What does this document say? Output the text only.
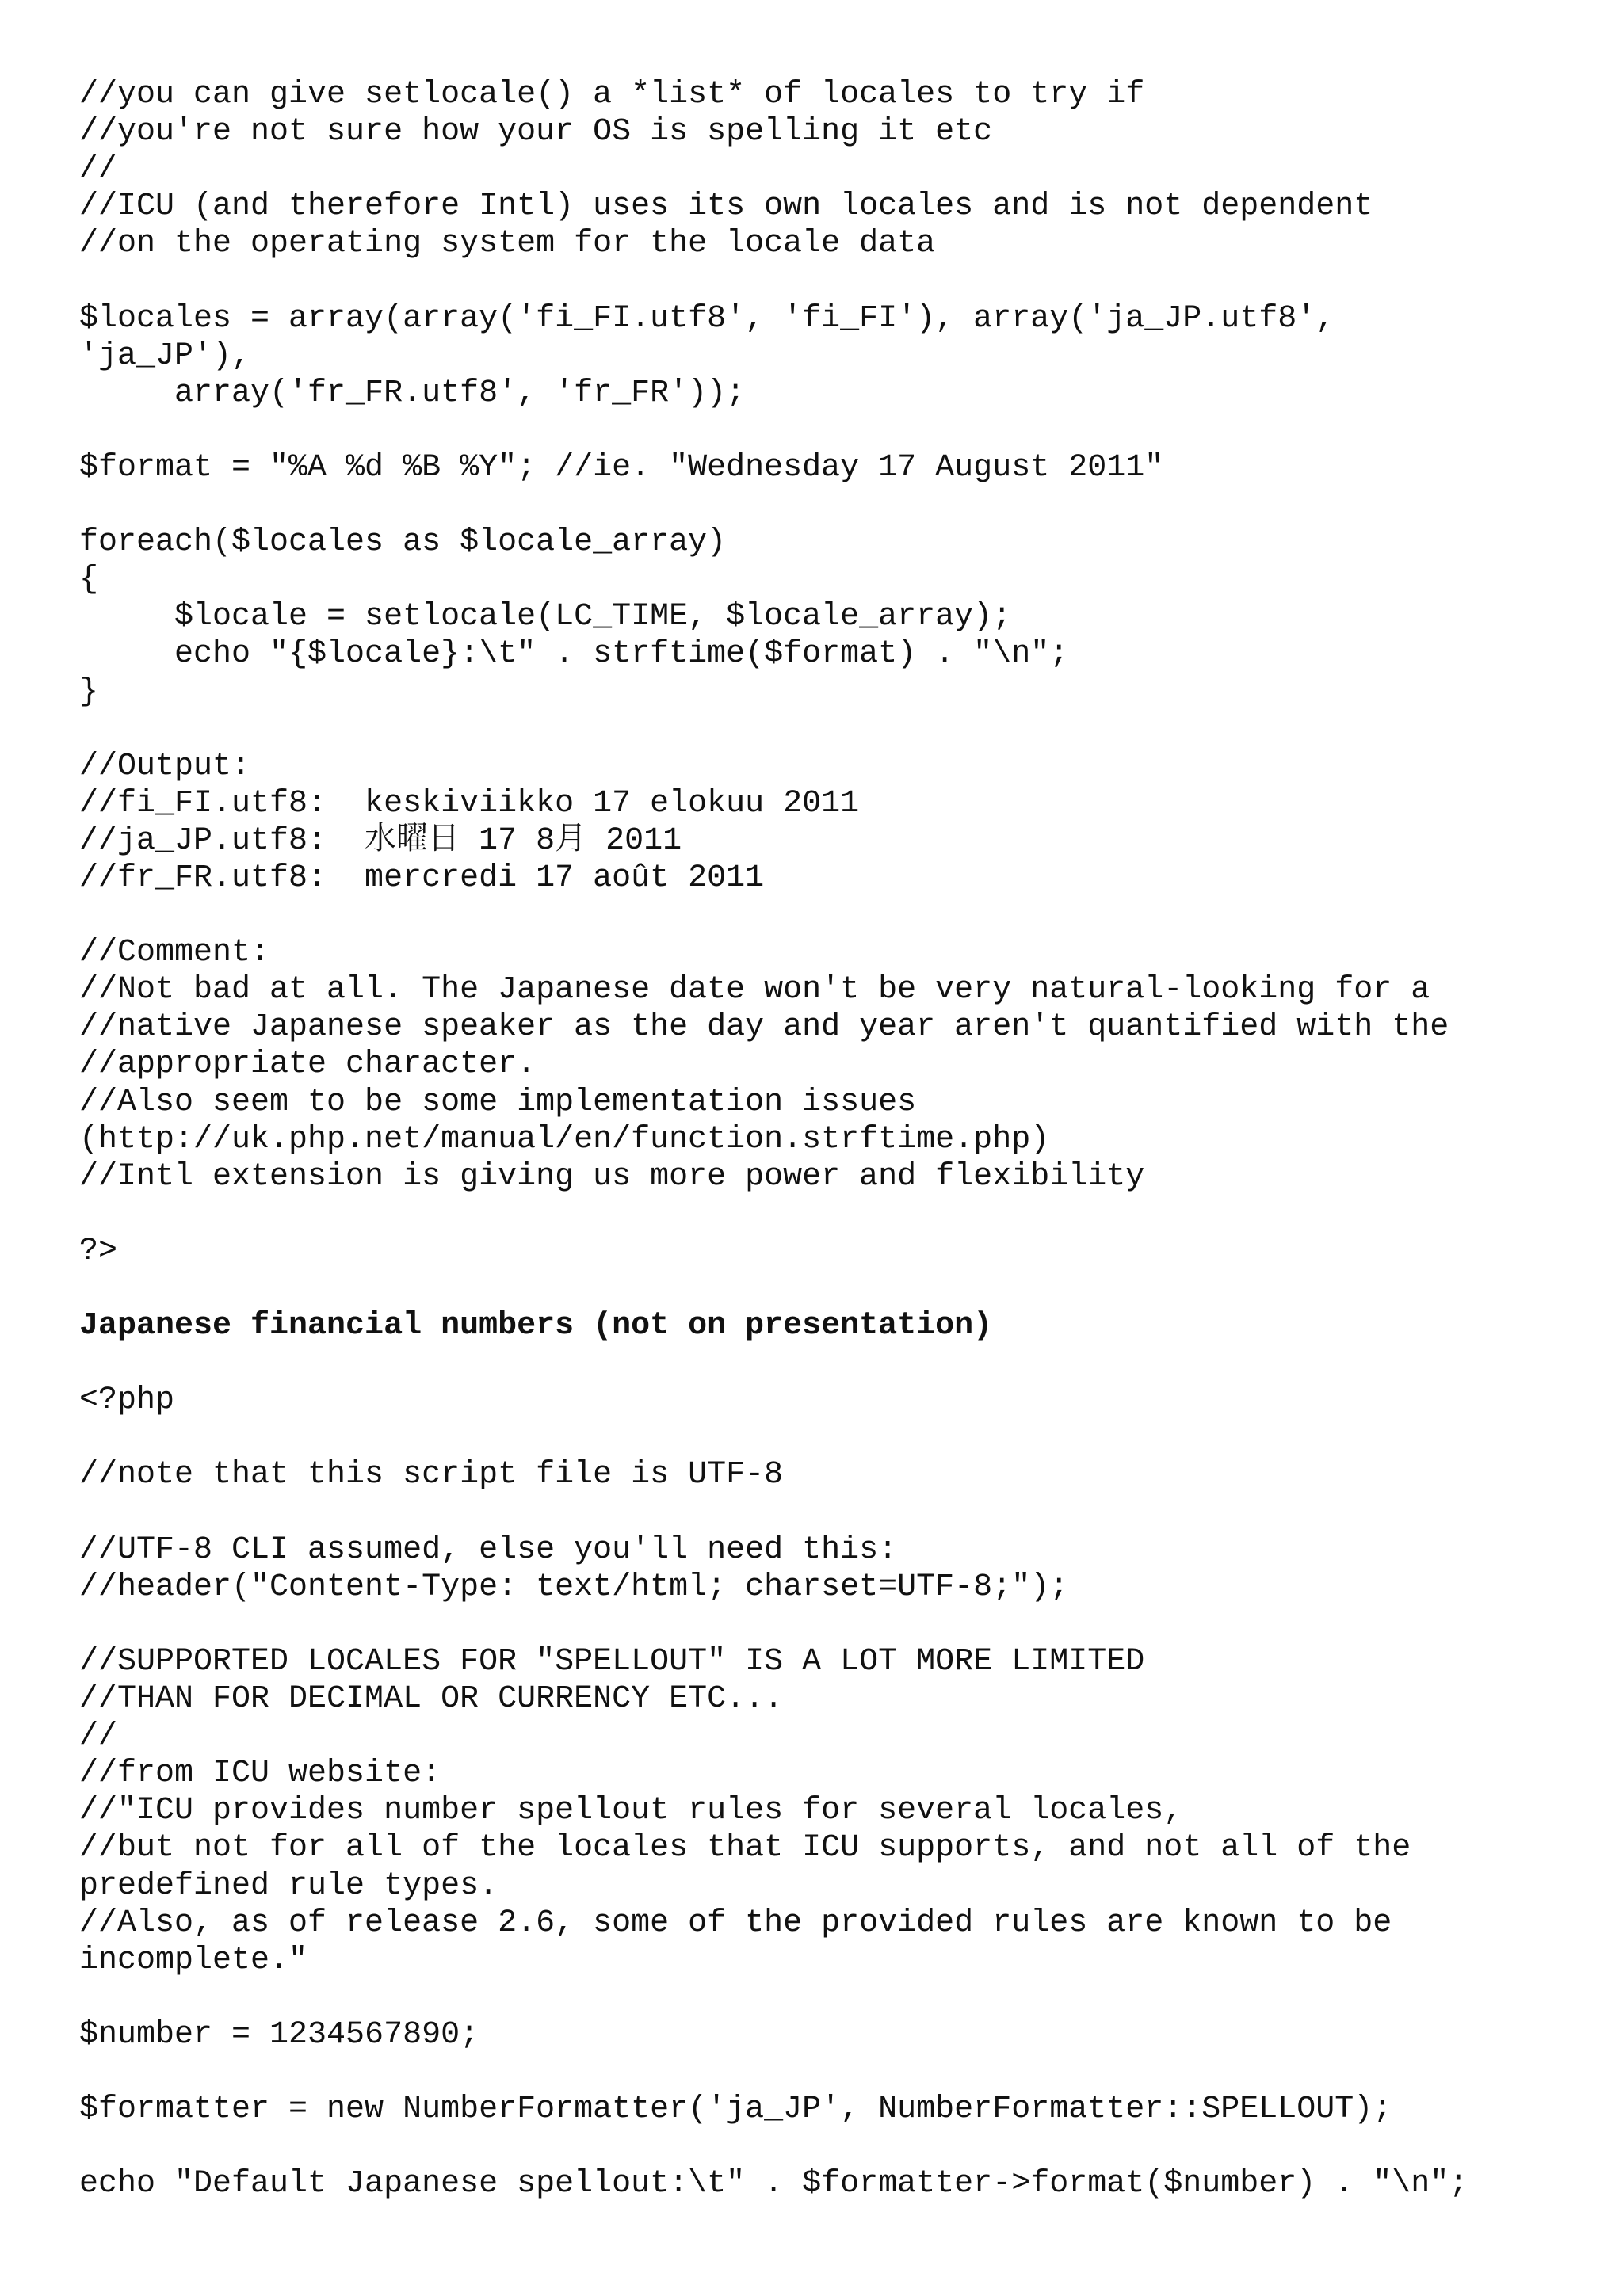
//you can give setlocale() a *list* of locales to try if
//you're not sure how your OS is spelling it etc
//
//ICU (and therefore Intl) uses its own locales and is not dependent
//on the operating system for the locale data
$locales = array(array('fi_FI.utf8', 'fi_FI'), array('ja_JP.utf8',
'ja_JP'),
array('fr_FR.utf8', 'fr_FR'));
$format = "%A %d %B %Y"; //ie. "Wednesday 17 August 2011"
foreach($locales as $locale_array)
{
$locale = setlocale(LC_TIME, $locale_array);
echo "{$locale}:\t" . strftime($format) . "\n";
}
//Output:
//fi_FI.utf8:  keskiviikko 17 elokuu 2011
//ja_JP.utf8:  水曜日 17 8月 2011
//fr_FR.utf8:  mercredi 17 août 2011
//Comment:
//Not bad at all. The Japanese date won't be very natural-looking for a
//native Japanese speaker as the day and year aren't quantified with the
//appropriate character.
//Also seem to be some implementation issues
(http://uk.php.net/manual/en/function.strftime.php)
//Intl extension is giving us more power and flexibility
?>
Japanese financial numbers (not on presentation)
<?php
//note that this script file is UTF-8
//UTF-8 CLI assumed, else you'll need this:
//header("Content-Type: text/html; charset=UTF-8;");
//SUPPORTED LOCALES FOR "SPELLOUT" IS A LOT MORE LIMITED
//THAN FOR DECIMAL OR CURRENCY ETC...
//
//from ICU website:
//"ICU provides number spellout rules for several locales,
//but not for all of the locales that ICU supports, and not all of the
predefined rule types.
//Also, as of release 2.6, some of the provided rules are known to be
incomplete."
$number = 1234567890;
$formatter = new NumberFormatter('ja_JP', NumberFormatter::SPELLOUT);
echo "Default Japanese spellout:\t" . $formatter->format($number) . "\n";
